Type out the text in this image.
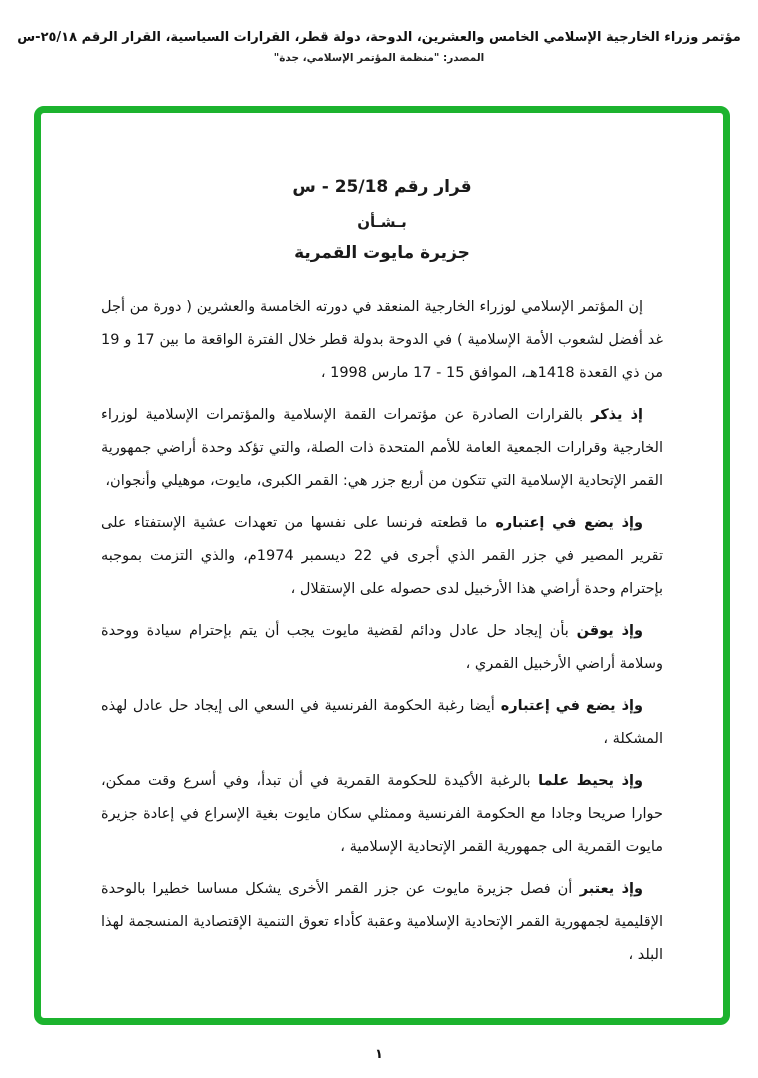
مؤتمر وزراء الخارجية الإسلامي الخامس والعشرين، الدوحة، دولة قطر، القرارات السياسية، القرار الرقم ٢٥/١٨-س
المصدر: "منظمة المؤتمر الإسلامي، جدة"
قرار رقم 25/18 - س
بـشـأن
جزيرة مايوت القمرية

إن المؤتمر الإسلامي لوزراء الخارجية المنعقد في دورته الخامسة والعشرين ( دورة من أجل غد أفضل لشعوب الأمة الإسلامية ) في الدوحة بدولة قطر خلال الفترة الواقعة ما بين 17 و 19 من ذي القعدة 1418هـ، الموافق 15 - 17 مارس 1998 ،

إذ يذكر بالقرارات الصادرة عن مؤتمرات القمة الإسلامية والمؤتمرات الإسلامية لوزراء الخارجية وقرارات الجمعية العامة للأمم المتحدة ذات الصلة، والتي تؤكد وحدة أراضي جمهورية القمر الإتحادية الإسلامية التي تتكون من أربع جزر هي: القمر الكبرى، مايوت، موهيلي وأنجوان،

وإذ يضع في إعتباره ما قطعته فرنسا على نفسها من تعهدات عشية الإستفتاء على تقرير المصير في جزر القمر الذي أجرى في 22 ديسمبر 1974م، والذي التزمت بموجبه بإحترام وحدة أراضي هذا الأرخبيل لدى حصوله على الإستقلال ،

وإذ يوقن بأن إيجاد حل عادل ودائم لقضية مايوت يجب أن يتم بإحترام سيادة ووحدة وسلامة أراضي الأرخبيل القمري ،

وإذ يضع في إعتباره أيضا رغبة الحكومة الفرنسية في السعي الى إيجاد حل عادل لهذه المشكلة ،

وإذ يحيط علما بالرغبة الأكيدة للحكومة القمرية في أن تبدأ، وفي أسرع وقت ممكن، حوارا صريحا وجادا مع الحكومة الفرنسية وممثلي سكان مايوت بغية الإسراع في إعادة جزيرة مايوت القمرية الى جمهورية القمر الإتحادية الإسلامية ،

وإذ يعتبر أن فصل جزيرة مايوت عن جزر القمر الأخرى يشكل مساسا خطيرا بالوحدة الإقليمية لجمهورية القمر الإتحادية الإسلامية وعقبة كأداء تعوق التنمية الإقتصادية المنسجمة لهذا البلد ،

١
